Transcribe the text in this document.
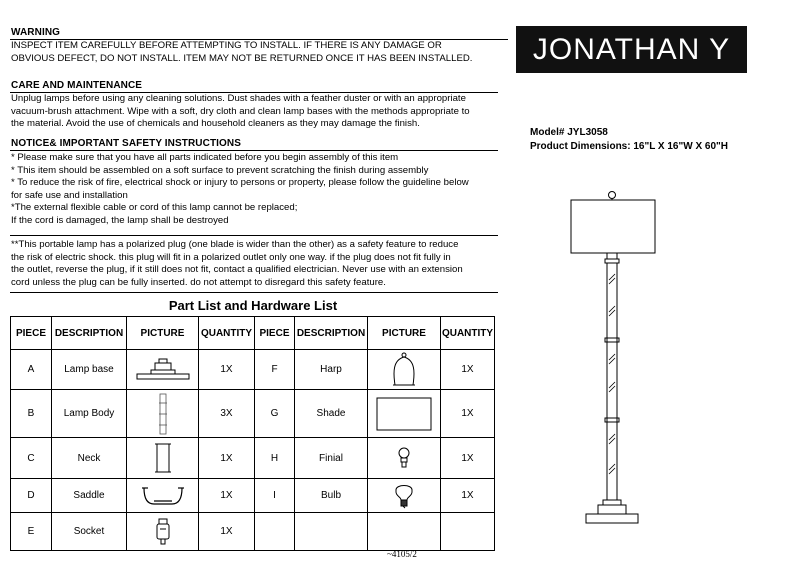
WARNING
INSPECT ITEM CAREFULLY BEFORE ATTEMPTING TO INSTALL. IF THERE IS ANY DAMAGE OR
OBVIOUS DEFECT, DO NOT INSTALL. ITEM MAY NOT BE RETURNED ONCE IT HAS BEEN INSTALLED.
CARE AND MAINTENANCE
Unplug lamps before using any cleaning solutions. Dust shades with a feather duster or with an appropriate
vacuum-brush attachment. Wipe with a soft, dry cloth and clean lamp bases with the methods appropriate to
the material. Avoid the use of chemicals and household cleaners as they may damage the finish.
NOTICE& IMPORTANT SAFETY INSTRUCTIONS
* Please make sure that you have all parts indicated before you begin assembly of this item
* This item should be assembled on a soft surface to prevent scratching the finish during assembly
* To reduce the risk of fire, electrical shock or injury to persons or property, please follow the guideline below
for safe use and installation
*The external flexible cable or cord of this lamp cannot be replaced;
If the cord is damaged, the lamp shall be destroyed
**This portable lamp has a polarized plug (one blade is wider than the other) as a safety feature to reduce
the risk of electric shock. this plug will fit in a polarized outlet only one way. if the plug does not fit fully in
the outlet, reverse the plug, if it still does not fit, contact a qualified electrician. Never use with an extension
cord unless the plug can be fully inserted. do not attempt to disregard this safety feature.
JONATHAN Y
Model# JYL3058
Product Dimensions: 16"L X 16"W X 60"H
Part List and Hardware List
PIECE	DESCRIPTION	PICTURE	QUANTITY	PIECE	DESCRIPTION	PICTURE	QUANTITY
A	Lamp base		1X	F	Harp		1X
B	Lamp Body		3X	G	Shade		1X
C	Neck		1X	H	Finial		1X
D	Saddle		1X	I	Bulb		1X
E	Socket		1X				
~4105/2
